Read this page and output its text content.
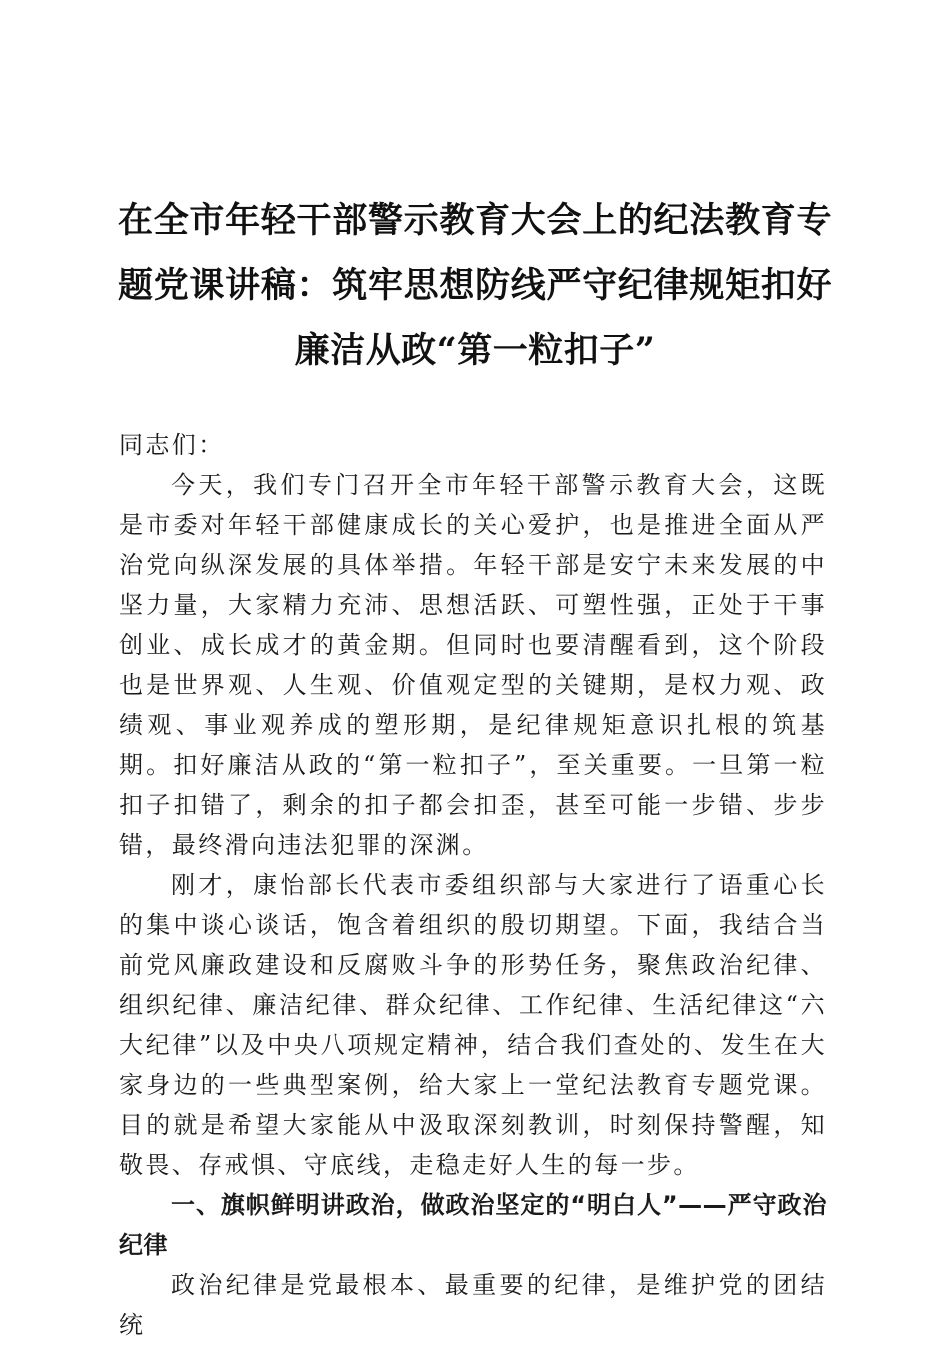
在全市年轻干部警示教育大会上的纪法教育专题党课讲稿：筑牢思想防线严守纪律规矩扣好廉洁从政“第一粒扣子”

同志们：

今天，我们专门召开全市年轻干部警示教育大会，这既是市委对年轻干部健康成长的关心爱护，也是推进全面从严治党向纵深发展的具体举措。年轻干部是安宁未来发展的中坚力量，大家精力充沛、思想活跃、可塑性强，正处于干事创业、成长成才的黄金期。但同时也要清醒看到，这个阶段也是世界观、人生观、价值观定型的关键期，是权力观、政绩观、事业观养成的塑形期，是纪律规矩意识扎根的筑基期。扣好廉洁从政的“第一粒扣子”，至关重要。一旦第一粒扣子扣错了，剩余的扣子都会扣歪，甚至可能一步错、步步错，最终滑向违法犯罪的深渊。

刚才，康怡部长代表市委组织部与大家进行了语重心长的集中谈心谈话，饱含着组织的殷切期望。下面，我结合当前党风廉政建设和反腐败斗争的形势任务，聚焦政治纪律、组织纪律、廉洁纪律、群众纪律、工作纪律、生活纪律这“六大纪律”以及中央八项规定精神，结合我们查处的、发生在大家身边的一些典型案例，给大家上一堂纪法教育专题党课。目的就是希望大家能从中汲取深刻教训，时刻保持警醒，知敬畏、存戒惧、守底线，走稳走好人生的每一步。

一、旗帜鲜明讲政治，做政治坚定的“明白人”——严守政治纪律

政治纪律是党最根本、最重要的纪律，是维护党的团结统
